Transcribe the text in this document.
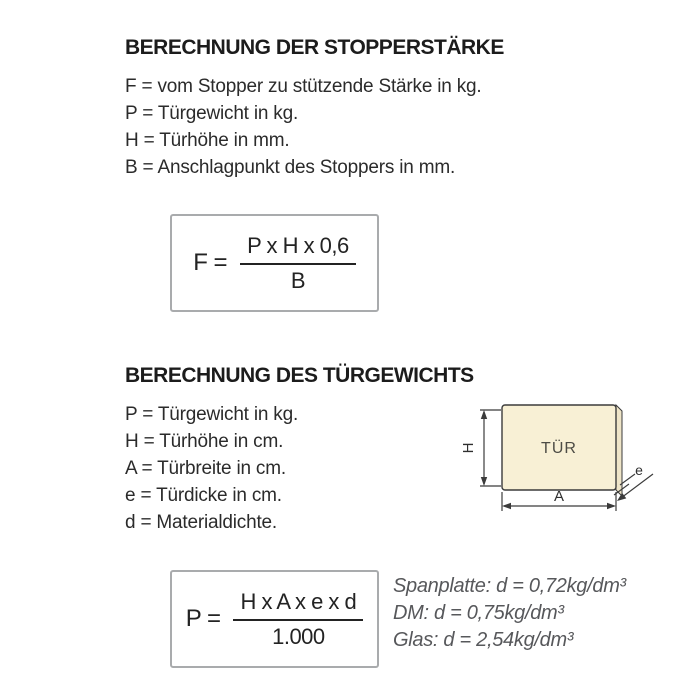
BERECHNUNG DER STOPPERSTÄRKE
F = vom Stopper zu stützende Stärke in kg.
P = Türgewicht in kg.
H = Türhöhe in mm.
B = Anschlagpunkt des Stoppers in mm.
$F = \frac{\text{P x H x 0,6}}{B}$
BERECHNUNG DES TÜRGEWICHTS
P = Türgewicht in kg.
H = Türhöhe in cm.
A = Türbreite in cm.
e = Türdicke in cm.
d = Materialdichte.
TÜR
H
A
e
$P = \frac{\text{H x A x e x d}}{1.000}$
Spanplatte: d = 0,72kg/dm³
DM: d = 0,75kg/dm³
Glas: d = 2,54kg/dm³
